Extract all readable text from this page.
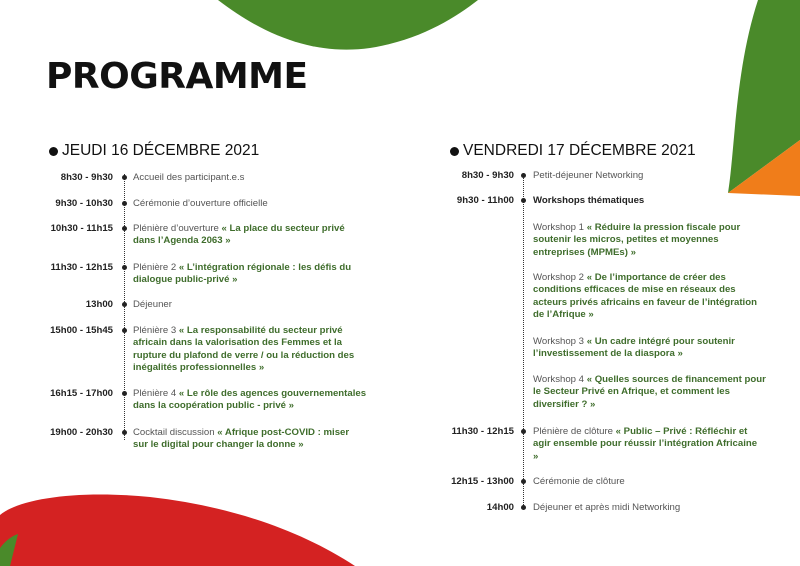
PROGRAMME
JEUDI 16 DÉCEMBRE 2021
8h30 - 9h30 Accueil des participant.e.s
9h30 - 10h30 Cérémonie d’ouverture officielle
10h30 - 11h15 Plénière d’ouverture « La place du secteur privé dans l’Agenda 2063 »
11h30 - 12h15 Plénière 2 « L’intégration régionale : les défis du dialogue public-privé »
13h00 Déjeuner
15h00 - 15h45 Plénière 3 « La responsabilité du secteur privé africain dans la valorisation des Femmes et la rupture du plafond de verre / ou la réduction des inégalités professionnelles »
16h15 - 17h00 Plénière 4 « Le rôle des agences gouvernementales dans la coopération public - privé »
19h00 - 20h30 Cocktail discussion « Afrique post-COVID : miser sur le digital pour changer la donne »
VENDREDI 17 DÉCEMBRE 2021
8h30 - 9h30 Petit-déjeuner Networking
9h30 - 11h00 Workshops thématiques
Workshop 1 « Réduire la pression fiscale pour soutenir les micros, petites et moyennes entreprises (MPMEs) »
Workshop 2 « De l’importance de créer des conditions efficaces de mise en réseaux des acteurs privés africains en faveur de l’intégration de l’Afrique »
Workshop 3 « Un cadre intégré pour soutenir l’investissement de la diaspora »
Workshop 4 « Quelles sources de financement pour le Secteur Privé en Afrique, et comment les diversifier ? »
11h30 - 12h15 Plénière de clôture « Public – Privé : Réfléchir et agir ensemble pour réussir l’intégration Africaine »
12h15 - 13h00 Cérémonie de clôture
14h00 Déjeuner et après midi Networking
